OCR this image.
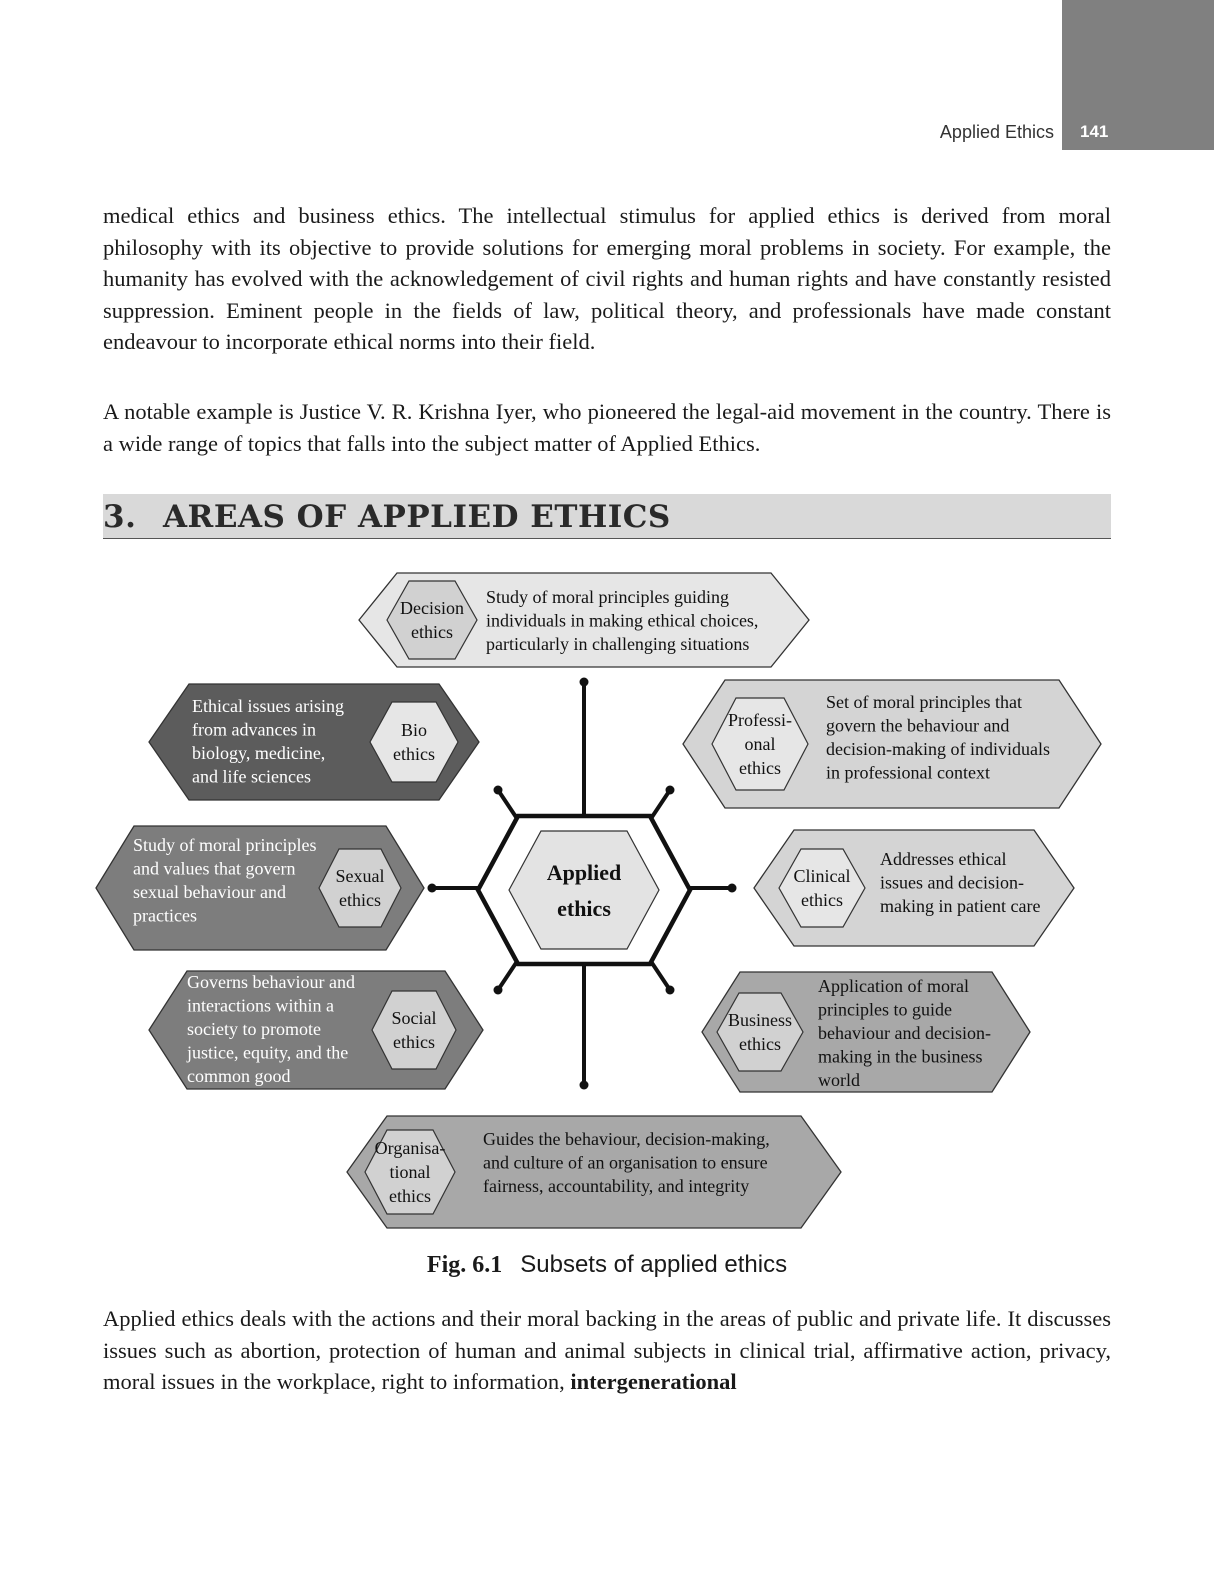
Applied Ethics	141

medical ethics and business ethics. The intellectual stimulus for applied ethics is derived from moral philosophy with its objective to provide solutions for emerging moral problems in society. For example, the humanity has evolved with the acknowledgement of civil rights and human rights and have constantly resisted suppression. Eminent people in the fields of law, political theory, and professionals have made constant endeavour to incorporate ethical norms into their field.

A notable example is Justice V. R. Krishna Iyer, who pioneered the legal-aid movement in the country. There is a wide range of topics that falls into the subject matter of Applied Ethics.

3. AREAS OF APPLIED ETHICS
Applied ethics
Decision ethics
Study of moral principles guiding individuals in making ethical choices, particularly in challenging situations
Bio ethics
Ethical issues arising from advances in biology, medicine, and life sciences
Professi-onal ethics
Set of moral principles that govern the behaviour and decision-making of individuals in professional context
Sexual ethics
Study of moral principles and values that govern sexual behaviour and practices
Clinical ethics
Addresses ethical issues and decision-making in patient care
Social ethics
Governs behaviour and interactions within a society to promote justice, equity, and the common good
Business ethics
Application of moral principles to guide behaviour and decision-making in the business world
Organisa-tional ethics
Guides the behaviour, decision-making, and culture of an organisation to ensure fairness, accountability, and integrity
Fig. 6.1 Subsets of applied ethics

Applied ethics deals with the actions and their moral backing in the areas of public and private life. It discusses issues such as abortion, protection of human and animal subjects in clinical trial, affirmative action, privacy, moral issues in the workplace, right to information, intergenerational
